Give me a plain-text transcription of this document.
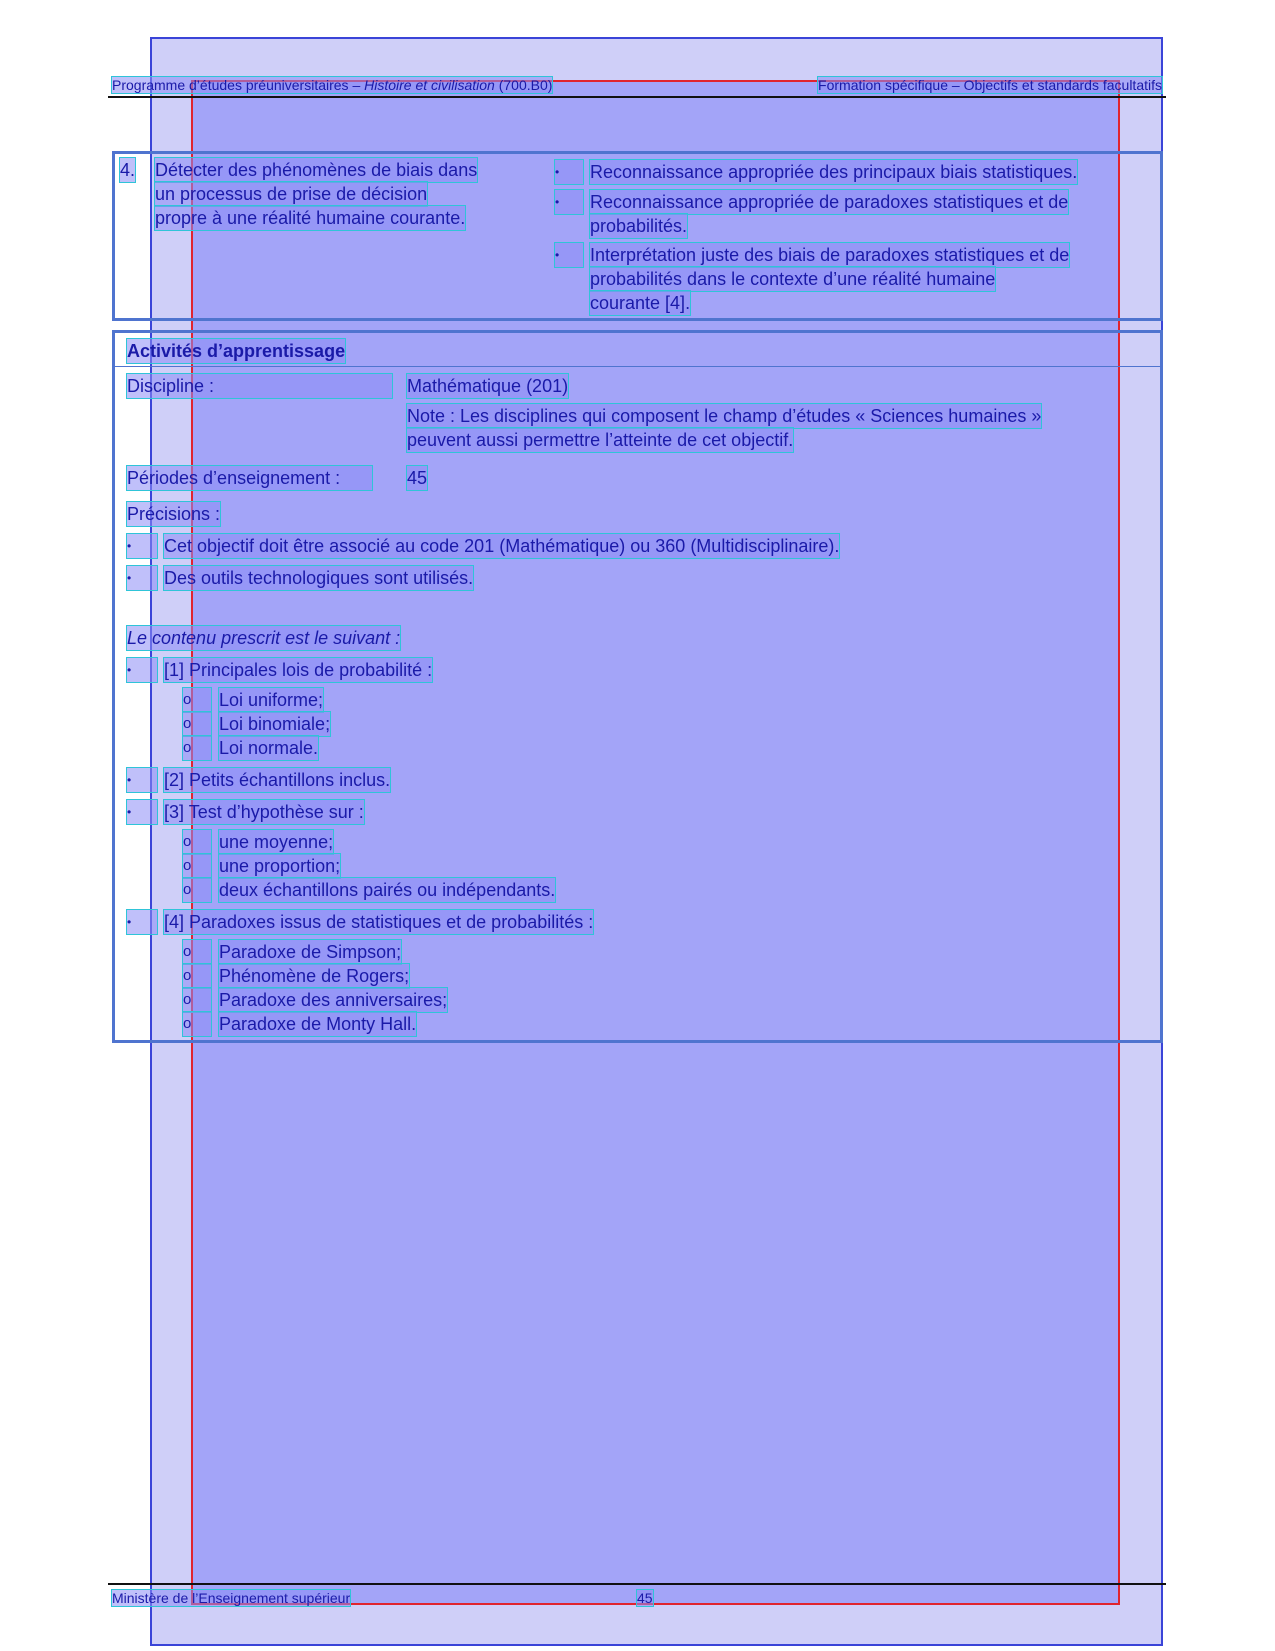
Programme d’études préuniversitaires – Histoire et civilisation (700.B0)	Formation spécifique – Objectifs et standards facultatifs
4. Détecter des phénomènes de biais dans
un processus de prise de décision
propre à une réalité humaine courante.
•	Reconnaissance appropriée des principaux biais statistiques.
•	Reconnaissance appropriée de paradoxes statistiques et de
probabilités.
•	Interprétation juste des biais de paradoxes statistiques et de
probabilités dans le contexte d’une réalité humaine
courante [4].
Activités d’apprentissage
Discipline :	Mathématique (201)
Note : Les disciplines qui composent le champ d’études « Sciences humaines »
peuvent aussi permettre l’atteinte de cet objectif.
Périodes d’enseignement :	45
Précisions :
•	Cet objectif doit être associé au code 201 (Mathématique) ou 360 (Multidisciplinaire).
•	Des outils technologiques sont utilisés.
Le contenu prescrit est le suivant :
•	[1] Principales lois de probabilité :
o	Loi uniforme;
o	Loi binomiale;
o	Loi normale.
•	[2] Petits échantillons inclus.
•	[3] Test d’hypothèse sur :
o	une moyenne;
o	une proportion;
o	deux échantillons pairés ou indépendants.
•	[4] Paradoxes issus de statistiques et de probabilités :
o	Paradoxe de Simpson;
o	Phénomène de Rogers;
o	Paradoxe des anniversaires;
o	Paradoxe de Monty Hall.
Ministère de l’Enseignement supérieur	45
